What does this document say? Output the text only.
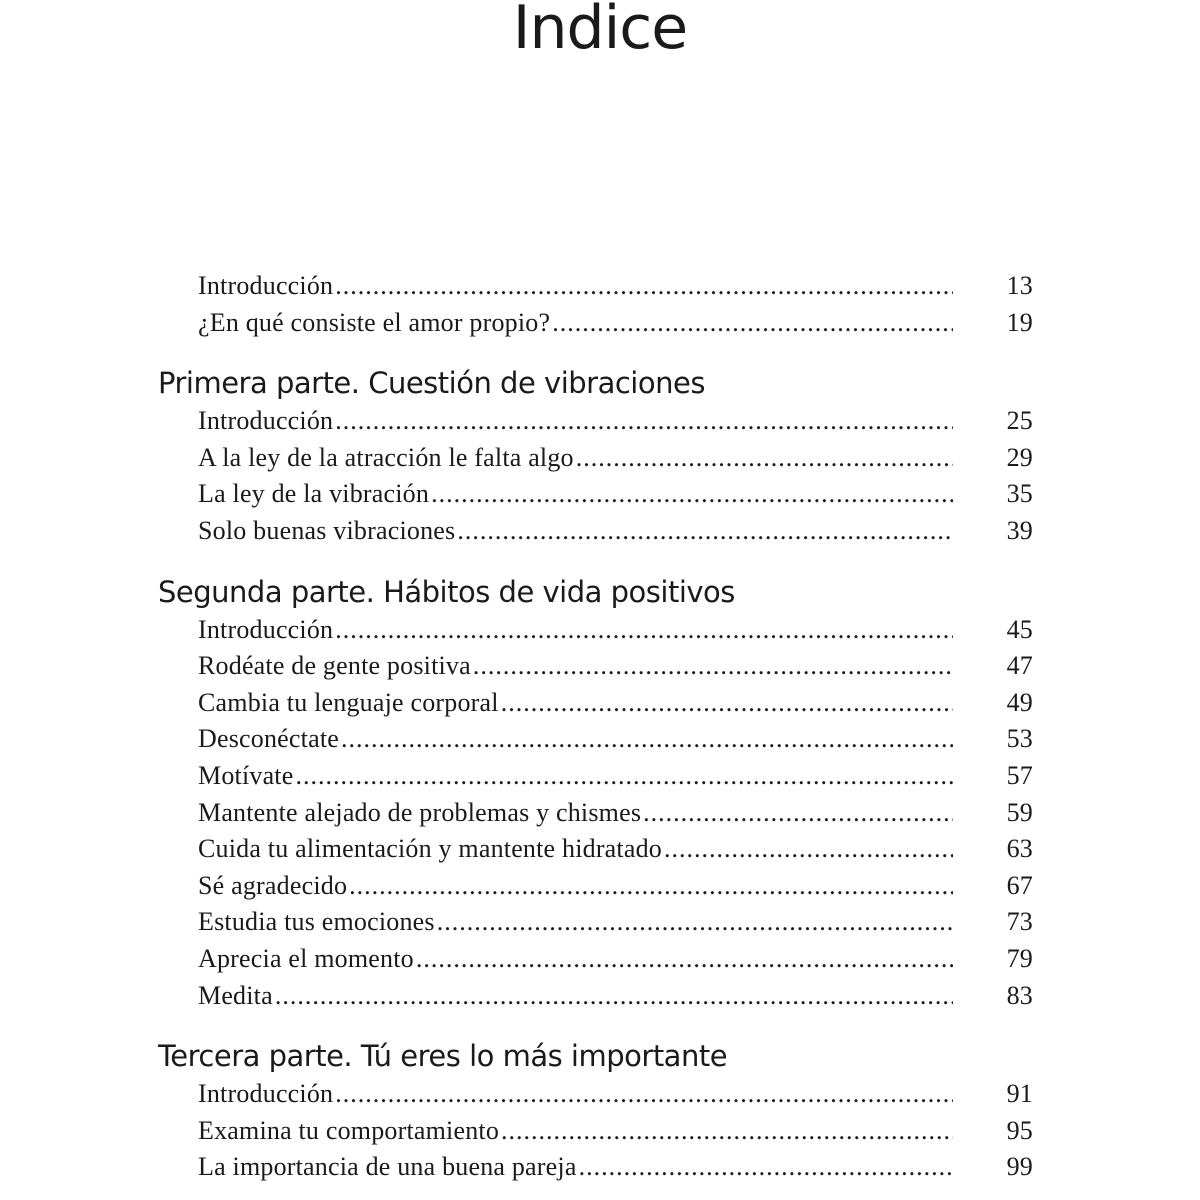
Indice
Introducción .....	13
¿En qué consiste el amor propio? .....	19
Primera parte. Cuestión de vibraciones
Introducción .....	25
A la ley de la atracción le falta algo .....	29
La ley de la vibración .....	35
Solo buenas vibraciones .....	39
Segunda parte. Hábitos de vida positivos
Introducción .....	45
Rodéate de gente positiva .....	47
Cambia tu lenguaje corporal .....	49
Desconéctate .....	53
Motívate .....	57
Mantente alejado de problemas y chismes .....	59
Cuida tu alimentación y mantente hidratado .....	63
Sé agradecido .....	67
Estudia tus emociones .....	73
Aprecia el momento .....	79
Medita .....	83
Tercera parte. Tú eres lo más importante
Introducción .....	91
Examina tu comportamiento .....	95
La importancia de una buena pareja .....	99
